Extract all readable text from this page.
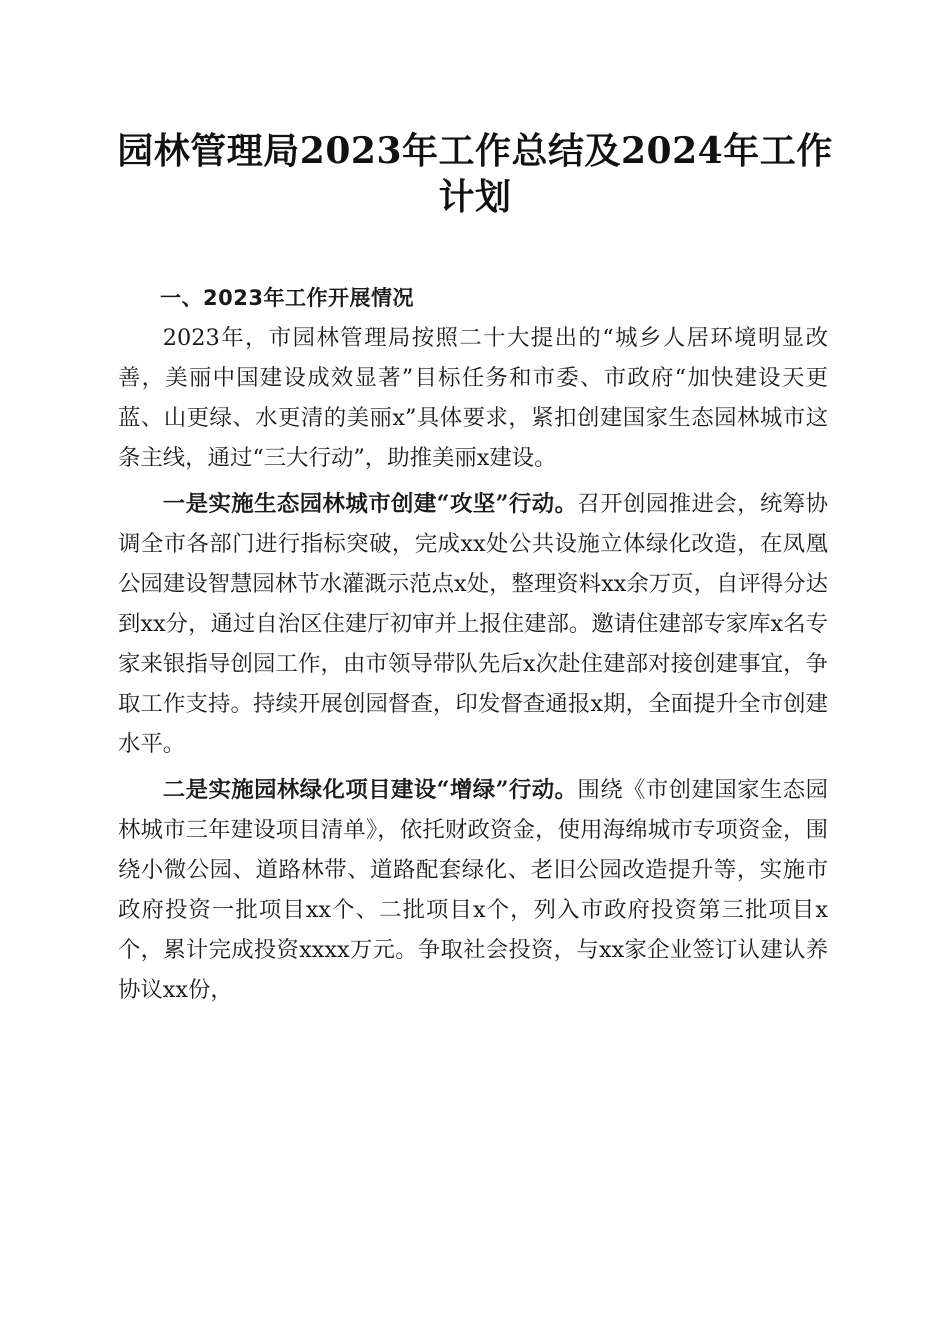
园林管理局2023年工作总结及2024年工作计划

一、2023年工作开展情况

2023年，市园林管理局按照二十大提出的“城乡人居环境明显改善，美丽中国建设成效显著”目标任务和市委、市政府“加快建设天更蓝、山更绿、水更清的美丽x”具体要求，紧扣创建国家生态园林城市这条主线，通过“三大行动”，助推美丽x建设。

一是实施生态园林城市创建“攻坚”行动。召开创园推进会，统筹协调全市各部门进行指标突破，完成xx处公共设施立体绿化改造，在凤凰公园建设智慧园林节水灌溉示范点x处，整理资料xx余万页，自评得分达到xx分，通过自治区住建厅初审并上报住建部。邀请住建部专家库x名专家来银指导创园工作，由市领导带队先后x次赴住建部对接创建事宜，争取工作支持。持续开展创园督查，印发督查通报x期，全面提升全市创建水平。

二是实施园林绿化项目建设“增绿”行动。围绕《市创建国家生态园林城市三年建设项目清单》，依托财政资金，使用海绵城市专项资金，围绕小微公园、道路林带、道路配套绿化、老旧公园改造提升等，实施市政府投资一批项目xx个、二批项目x个，列入市政府投资第三批项目x个，累计完成投资xxxx万元。争取社会投资，与xx家企业签订认建认养协议xx份，
